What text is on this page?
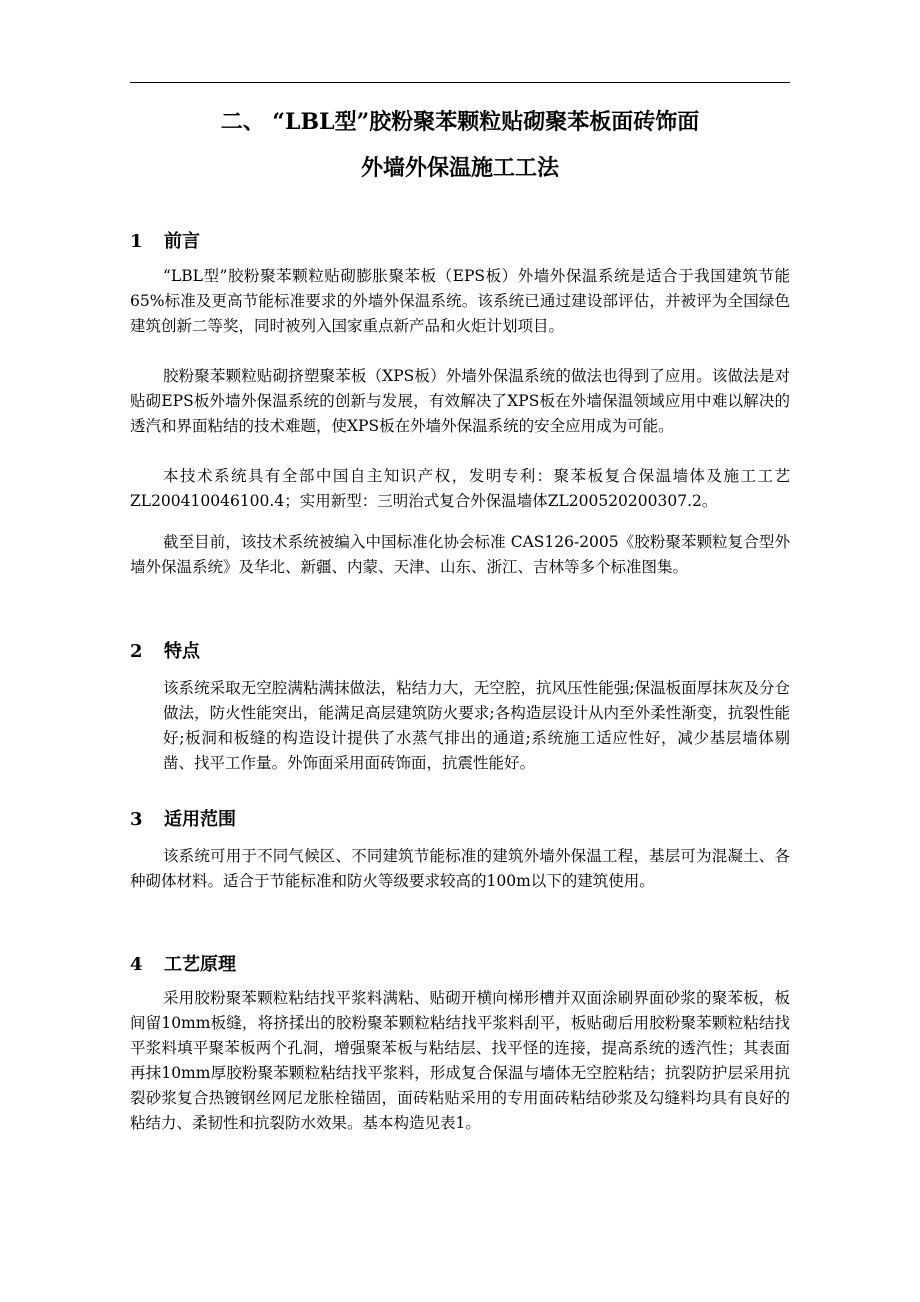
二、 “LBL型”胶粉聚苯颗粒贴砌聚苯板面砖饰面
外墙外保温施工工法
1 前言

“LBL型”胶粉聚苯颗粒贴砌膨胀聚苯板（EPS板）外墙外保温系统是适合于我国建筑节能65%标准及更高节能标准要求的外墙外保温系统。该系统已通过建设部评估，并被评为全国绿色建筑创新二等奖，同时被列入国家重点新产品和火炬计划项目。

胶粉聚苯颗粒贴砌挤塑聚苯板（XPS板）外墙外保温系统的做法也得到了应用。该做法是对贴砌EPS板外墙外保温系统的创新与发展，有效解决了XPS板在外墙保温领域应用中难以解决的透汽和界面粘结的技术难题，使XPS板在外墙外保温系统的安全应用成为可能。

本技术系统具有全部中国自主知识产权，发明专利：聚苯板复合保温墙体及施工工艺ZL200410046100.4；实用新型：三明治式复合外保温墙体ZL200520200307.2。

截至目前，该技术系统被编入中国标准化协会标准 CAS126-2005《胶粉聚苯颗粒复合型外墙外保温系统》及华北、新疆、内蒙、天津、山东、浙江、吉林等多个标准图集。

2 特点

该系统采取无空腔满粘满抹做法，粘结力大，无空腔，抗风压性能强;保温板面厚抹灰及分仓做法，防火性能突出，能满足高层建筑防火要求;各构造层设计从内至外柔性渐变，抗裂性能好;板洞和板缝的构造设计提供了水蒸气排出的通道;系统施工适应性好，减少基层墙体剔凿、找平工作量。外饰面采用面砖饰面，抗震性能好。

3 适用范围

该系统可用于不同气候区、不同建筑节能标准的建筑外墙外保温工程，基层可为混凝土、各种砌体材料。适合于节能标准和防火等级要求较高的100m以下的建筑使用。

4 工艺原理

采用胶粉聚苯颗粒粘结找平浆料满粘、贴砌开横向梯形槽并双面涂刷界面砂浆的聚苯板，板间留10mm板缝，将挤揉出的胶粉聚苯颗粒粘结找平浆料刮平，板贴砌后用胶粉聚苯颗粒粘结找平浆料填平聚苯板两个孔洞，增强聚苯板与粘结层、找平怪的连接，提高系统的透汽性；其表面再抹10mm厚胶粉聚苯颗粒粘结找平浆料，形成复合保温与墙体无空腔粘结；抗裂防护层采用抗裂砂浆复合热镀钢丝网尼龙胀栓锚固，面砖粘贴采用的专用面砖粘结砂浆及勾缝料均具有良好的粘结力、柔韧性和抗裂防水效果。基本构造见表1。
